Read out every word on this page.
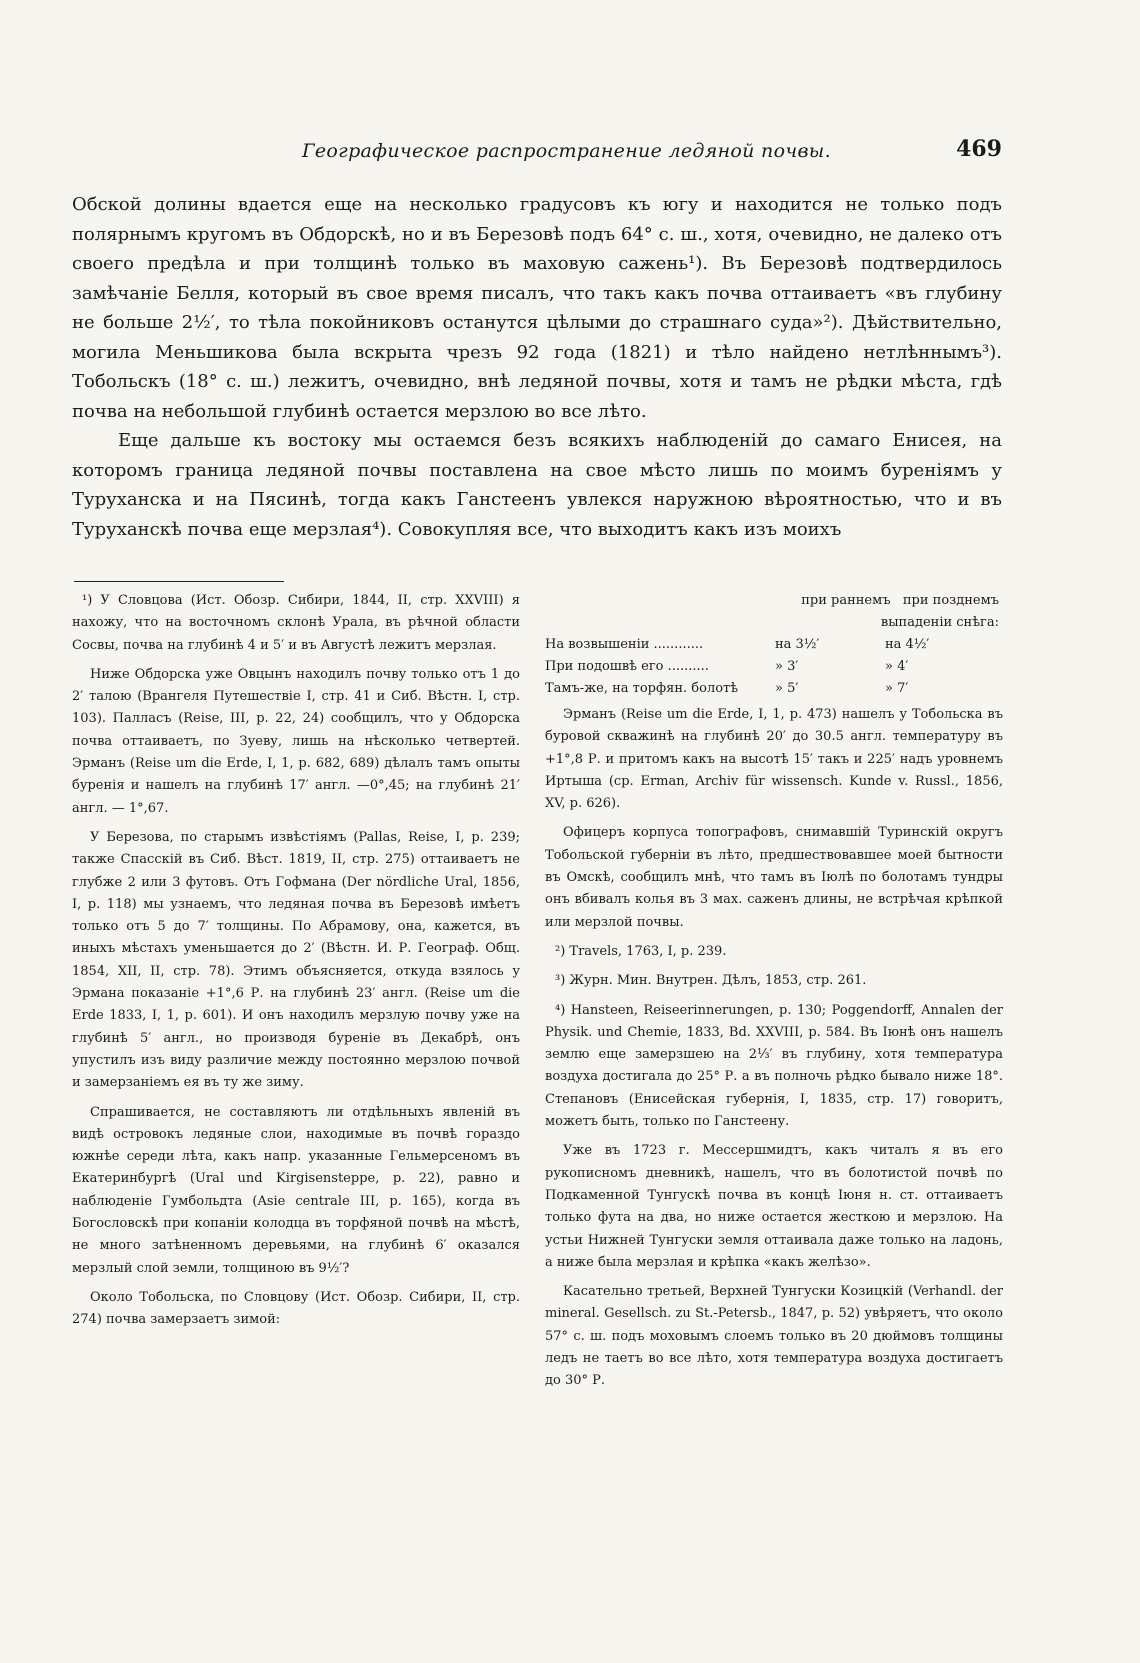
Географическое распространение ледяной почвы.	469

Обской долины вдается еще на несколько градусовъ къ югу и находится не только подъ полярнымъ кругомъ въ Обдорскѣ, но и въ Березовѣ подъ 64° с. ш., хотя, очевидно, не далеко отъ своего предѣла и при толщинѣ только въ маховую сажень¹). Въ Березовѣ подтвердилось замѣчаніе Белля, который въ свое время писалъ, что такъ какъ почва оттаиваетъ «въ глубину не больше 2½′, то тѣла покойниковъ останутся цѣлыми до страшнаго суда»²). Дѣйствительно, могила Меньшикова была вскрыта чрезъ 92 года (1821) и тѣло найдено нетлѣннымъ³). Тобольскъ (18° с. ш.) лежитъ, очевидно, внѣ ледяной почвы, хотя и тамъ не рѣдки мѣста, гдѣ почва на небольшой глубинѣ остается мерзлою во все лѣто.

Еще дальше къ востоку мы остаемся безъ всякихъ наблюденій до самаго Енисея, на которомъ граница ледяной почвы поставлена на свое мѣсто лишь по моимъ буреніямъ у Туруханска и на Пясинѣ, тогда какъ Ганстеенъ увлекся наружною вѣроятностью, что и въ Туруханскѣ почва еще мерзлая⁴). Совокупляя все, что выходитъ какъ изъ моихъ

¹) У Словцова (Ист. Обозр. Сибири, 1844, II, стр. XXVIII) я нахожу, что на восточномъ склонѣ Урала, въ рѣчной области Сосвы, почва на глубинѣ 4 и 5′ и въ Августѣ лежитъ мерзлая.

Ниже Обдорска уже Овцынъ находилъ почву только отъ 1 до 2′ талою (Врангеля Путешествіе I, стр. 41 и Сиб. Вѣстн. I, стр. 103). Палласъ (Reise, III, p. 22, 24) сообщилъ, что у Обдорска почва оттаиваетъ, по Зуеву, лишь на нѣсколько четвертей. Эрманъ (Reise um die Erde, I, 1, p. 682, 689) дѣлалъ тамъ опыты буренія и нашелъ на глубинѣ 17′ англ. —0°,45; на глубинѣ 21′ англ. — 1°,67.

У Березова, по старымъ извѣстіямъ (Pallas, Reise, I, p. 239; также Спасскій въ Сиб. Вѣст. 1819, II, стр. 275) оттаиваетъ не глубже 2 или 3 футовъ. Отъ Гофмана (Der nördliche Ural, 1856, I, p. 118) мы узнаемъ, что ледяная почва въ Березовѣ имѣетъ только отъ 5 до 7′ толщины. По Абрамову, она, кажется, въ иныхъ мѣстахъ уменьшается до 2′ (Вѣстн. И. Р. Географ. Общ. 1854, XII, II, стр. 78). Этимъ объясняется, откуда взялось у Эрмана показаніе +1°,6 Р. на глубинѣ 23′ англ. (Reise um die Erde 1833, I, 1, p. 601). И онъ находилъ мерзлую почву уже на глубинѣ 5′ англ., но производя буреніе въ Декабрѣ, онъ упустилъ изъ виду различие между постоянно мерзлою почвой и замерзаніемъ ея въ ту же зиму.

Спрашивается, не составляютъ ли отдѣльныхъ явленій въ видѣ островокъ ледяные слои, находимые въ почвѣ гораздо южнѣе середи лѣта, какъ напр. указанные Гельмерсеномъ въ Екатеринбургѣ (Ural und Kirgisensteppe, p. 22), равно и наблюденіе Гумбольдта (Asie centrale III, p. 165), когда въ Богословскѣ при копаніи колодца въ торфяной почвѣ на мѣстѣ, не много затѣненномъ деревьями, на глубинѣ 6′ оказался мерзлый слой земли, толщиною въ 9½′?

Около Тобольска, по Словцову (Ист. Обозр. Сибири, II, стр. 274) почва замерзаетъ зимой:

при раннемъ   при позднемъ
выпаденіи снѣга:
На возвышеніи ............	на 3½′	на 4½′
При подошвѣ его ..........	» 3′	» 4′
Тамъ-же, на торфян. болотѣ	» 5′	» 7′

Эрманъ (Reise um die Erde, I, 1, p. 473) нашелъ у Тобольска въ буровой скважинѣ на глубинѣ 20′ до 30.5 англ. температуру въ +1°,8 Р. и притомъ какъ на высотѣ 15′ такъ и 225′ надъ уровнемъ Иртыша (ср. Erman, Archiv für wissensch. Kunde v. Russl., 1856, XV, p. 626).

Офицеръ корпуса топографовъ, снимавшій Туринскій округъ Тобольской губерніи въ лѣто, предшествовавшее моей бытности въ Омскѣ, сообщилъ мнѣ, что тамъ въ Іюлѣ по болотамъ тундры онъ вбивалъ колья въ 3 мах. саженъ длины, не встрѣчая крѣпкой или мерзлой почвы.

²) Travels, 1763, I, p. 239.

³) Журн. Мин. Внутрен. Дѣлъ, 1853, стр. 261.

⁴) Hansteen, Reiseerinnerungen, p. 130; Poggendorff, Annalen der Physik. und Chemie, 1833, Bd. XXVIII, p. 584. Въ Іюнѣ онъ нашелъ землю еще замерзшею на 2⅓′ въ глубину, хотя температура воздуха достигала до 25° Р. а въ полночь рѣдко бывало ниже 18°. Степановъ (Енисейская губернія, I, 1835, стр. 17) говоритъ, можетъ быть, только по Ганстеену.

Уже въ 1723 г. Мессершмидтъ, какъ читалъ я въ его рукописномъ дневникѣ, нашелъ, что въ болотистой почвѣ по Подкаменной Тунгускѣ почва въ концѣ Іюня н. ст. оттаиваетъ только фута на два, но ниже остается жесткою и мерзлою. На устьи Нижней Тунгуски земля оттаивала даже только на ладонь, а ниже была мерзлая и крѣпка «какъ желѣзо».

Касательно третьей, Верхней Тунгуски Козицкій (Verhandl. der mineral. Gesellsch. zu St.-Petersb., 1847, p. 52) увѣряетъ, что около 57° с. ш. подъ моховымъ слоемъ только въ 20 дюймовъ толщины ледъ не таетъ во все лѣто, хотя температура воздуха достигаетъ до 30° Р.
